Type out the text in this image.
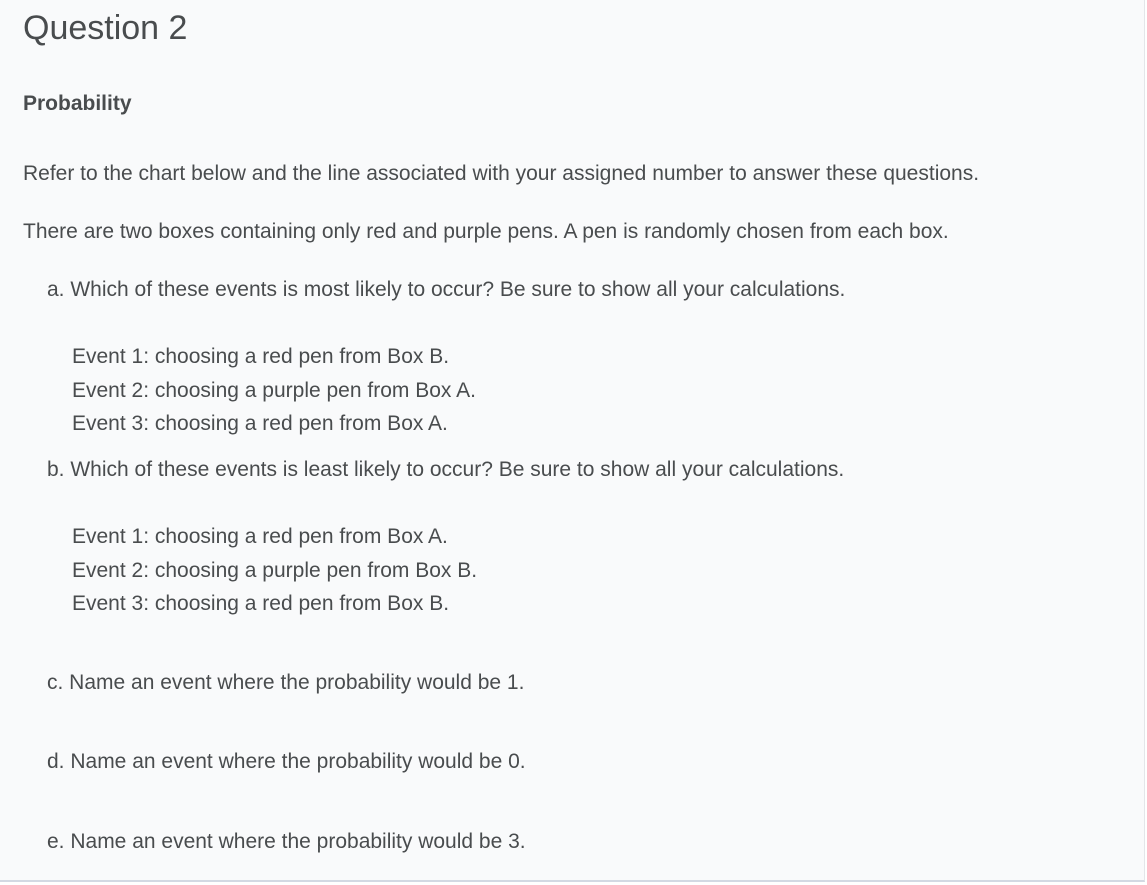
Question 2
Probability

Refer to the chart below and the line associated with your assigned number to answer these questions.

There are two boxes containing only red and purple pens. A pen is randomly chosen from each box.

a. Which of these events is most likely to occur? Be sure to show all your calculations.

Event 1: choosing a red pen from Box B.
Event 2: choosing a purple pen from Box A.
Event 3: choosing a red pen from Box A.

b. Which of these events is least likely to occur? Be sure to show all your calculations.

Event 1: choosing a red pen from Box A.
Event 2: choosing a purple pen from Box B.
Event 3: choosing a red pen from Box B.

c. Name an event where the probability would be 1.

d. Name an event where the probability would be 0.

e. Name an event where the probability would be 3.
